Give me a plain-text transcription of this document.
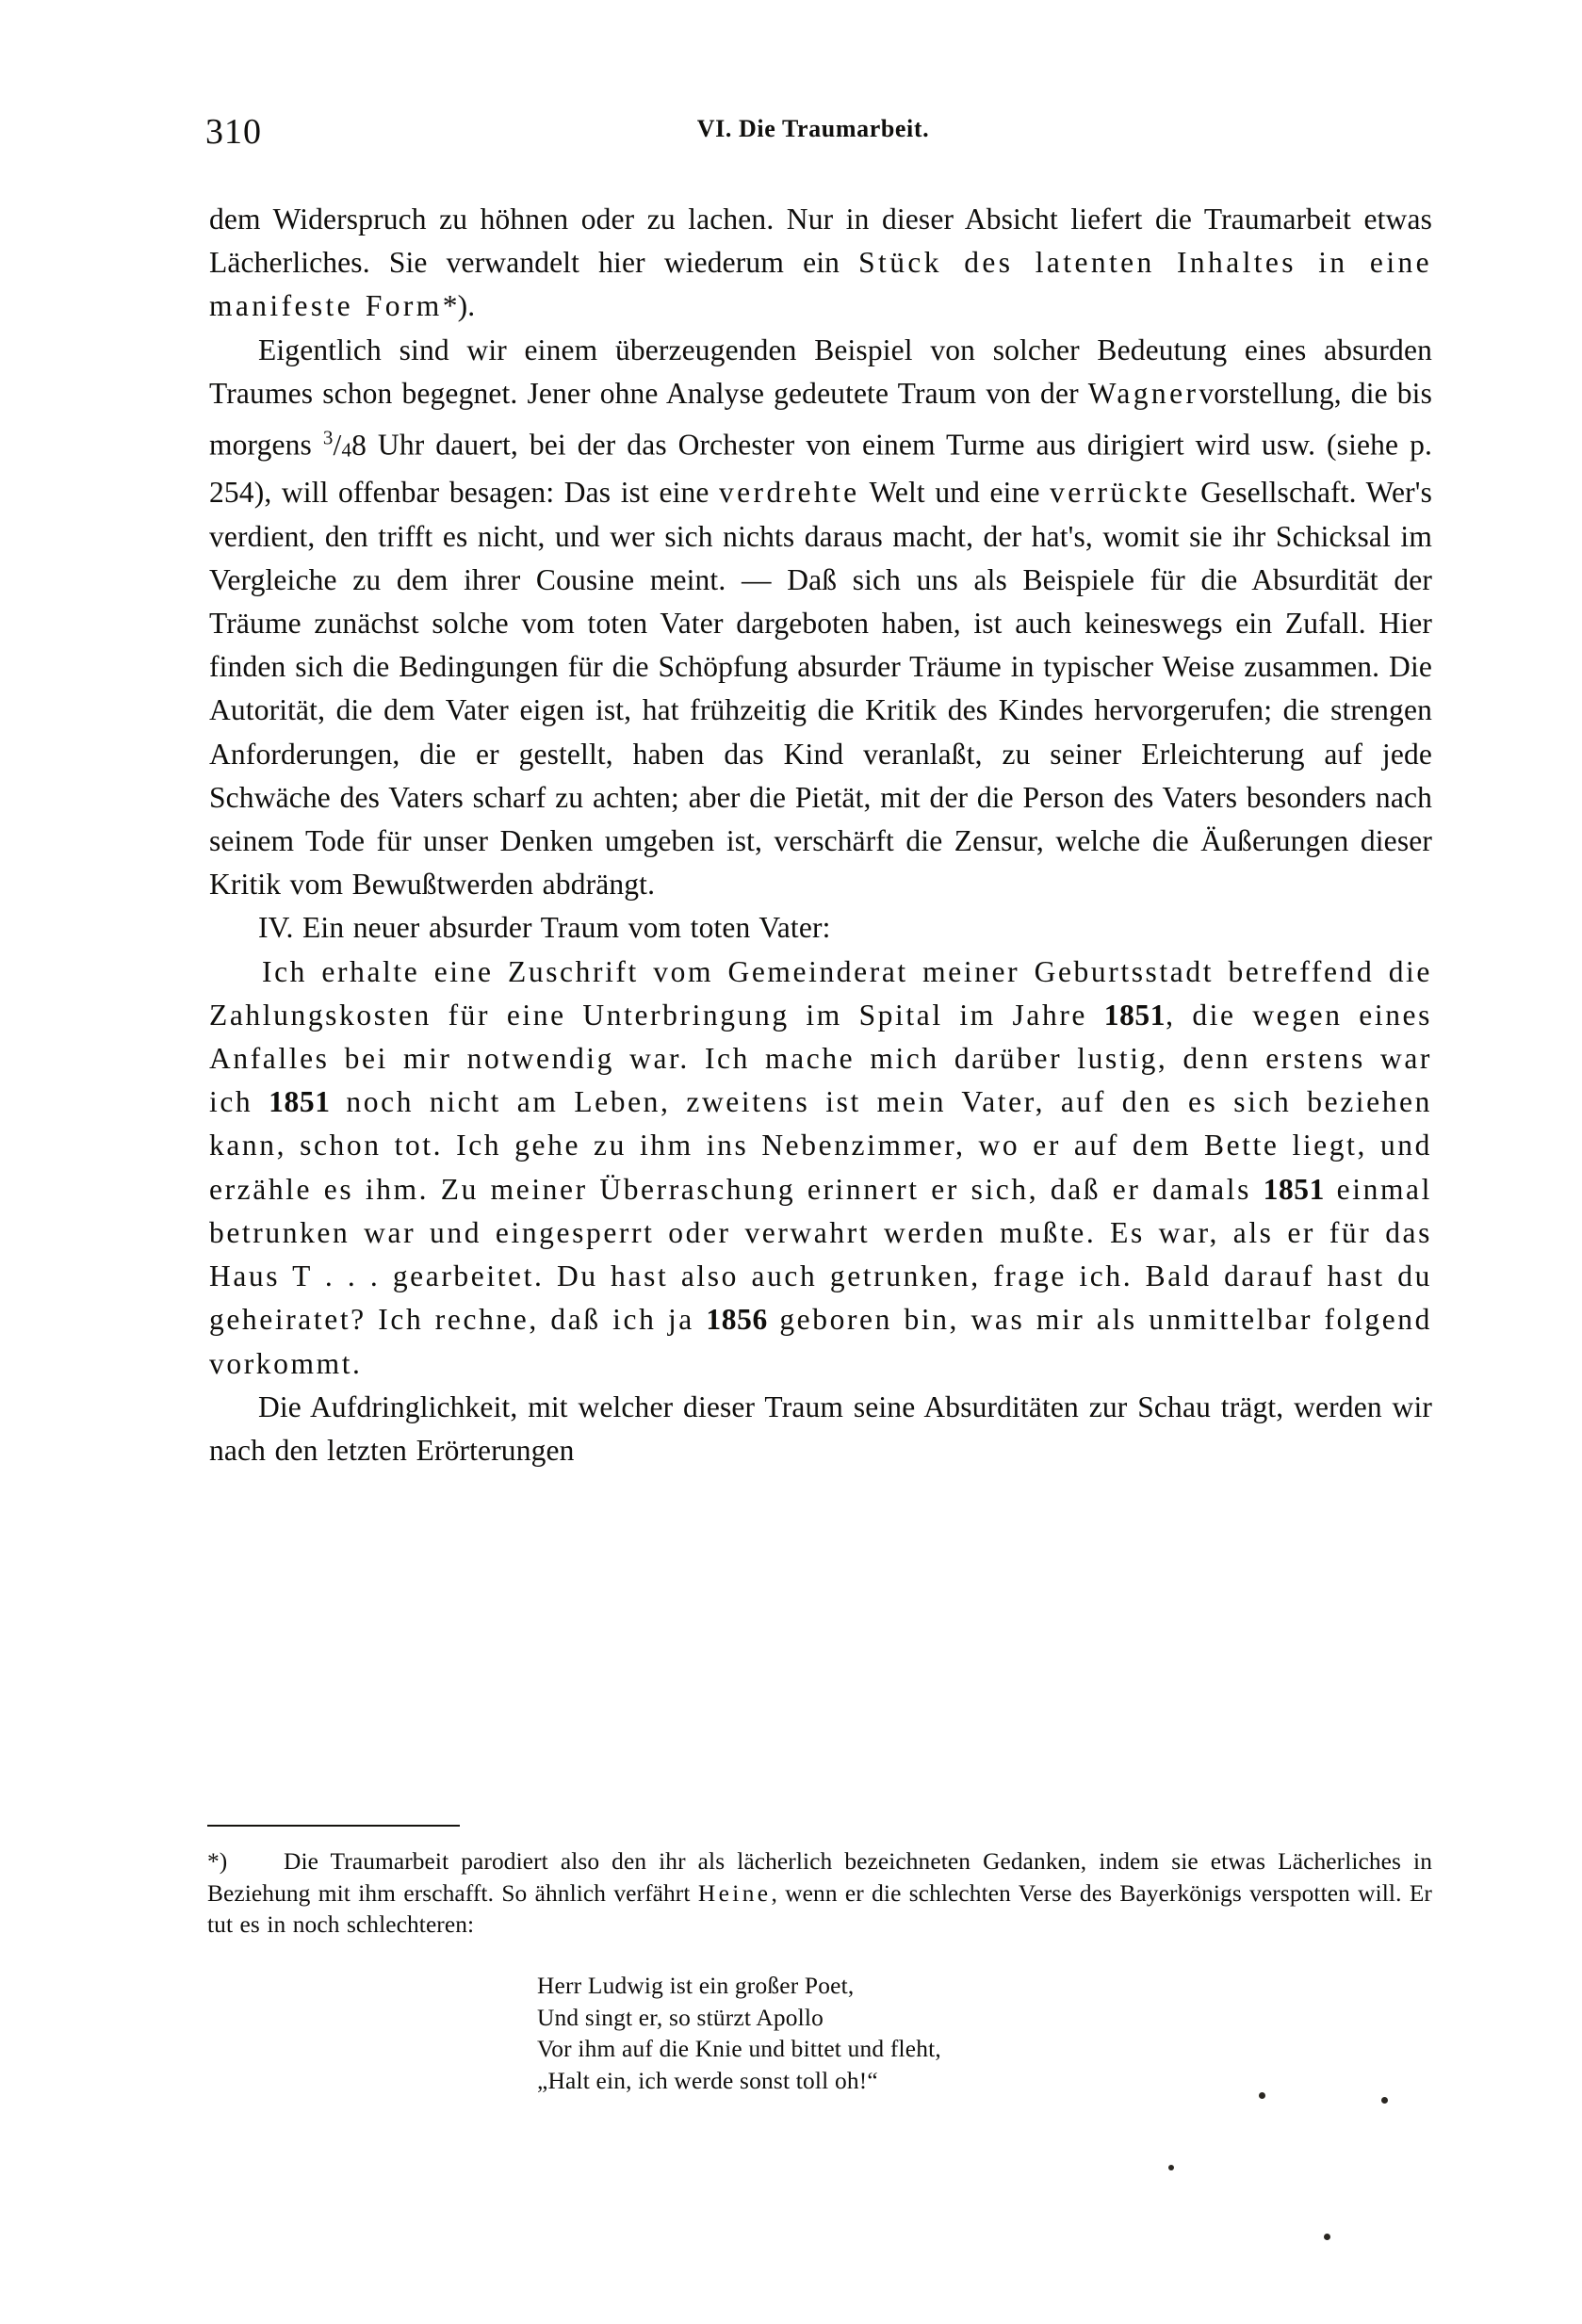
310	VI. Die Traumarbeit.

dem Widerspruch zu höhnen oder zu lachen. Nur in dieser Absicht liefert die Traumarbeit etwas Lächerliches. Sie verwandelt hier wiederum ein Stück des latenten Inhaltes in eine manifeste Form*).

Eigentlich sind wir einem überzeugenden Beispiel von solcher Bedeutung eines absurden Traumes schon begegnet. Jener ohne Analyse gedeutete Traum von der Wagnervorstellung, die bis morgens $^3/_48$ Uhr dauert, bei der das Orchester von einem Turme aus dirigiert wird usw. (siehe p. 254), will offenbar besagen: Das ist eine verdrehte Welt und eine verrückte Gesellschaft. Wer's verdient, den trifft es nicht, und wer sich nichts daraus macht, der hat's, womit sie ihr Schicksal im Vergleiche zu dem ihrer Cousine meint. — Daß sich uns als Beispiele für die Absurdität der Träume zunächst solche vom toten Vater dargeboten haben, ist auch keineswegs ein Zufall. Hier finden sich die Bedingungen für die Schöpfung absurder Träume in typischer Weise zusammen. Die Autorität, die dem Vater eigen ist, hat frühzeitig die Kritik des Kindes hervorgerufen; die strengen Anforderungen, die er gestellt, haben das Kind veranlaßt, zu seiner Erleichterung auf jede Schwäche des Vaters scharf zu achten; aber die Pietät, mit der die Person des Vaters besonders nach seinem Tode für unser Denken umgeben ist, verschärft die Zensur, welche die Äußerungen dieser Kritik vom Bewußtwerden abdrängt.

IV. Ein neuer absurder Traum vom toten Vater:

Ich erhalte eine Zuschrift vom Gemeinderat meiner Geburtsstadt betreffend die Zahlungskosten für eine Unterbringung im Spital im Jahre 1851, die wegen eines Anfalles bei mir notwendig war. Ich mache mich darüber lustig, denn erstens war ich 1851 noch nicht am Leben, zweitens ist mein Vater, auf den es sich beziehen kann, schon tot. Ich gehe zu ihm ins Nebenzimmer, wo er auf dem Bette liegt, und erzähle es ihm. Zu meiner Überraschung erinnert er sich, daß er damals 1851 einmal betrunken war und eingesperrt oder verwahrt werden mußte. Es war, als er für das Haus T . . . gearbeitet. Du hast also auch getrunken, frage ich. Bald darauf hast du geheiratet? Ich rechne, daß ich ja 1856 geboren bin, was mir als unmittelbar folgend vorkommt.

Die Aufdringlichkeit, mit welcher dieser Traum seine Absurditäten zur Schau trägt, werden wir nach den letzten Erörterungen

*) Die Traumarbeit parodiert also den ihr als lächerlich bezeichneten Gedanken, indem sie etwas Lächerliches in Beziehung mit ihm erschafft. So ähnlich verfährt Heine, wenn er die schlechten Verse des Bayerkönigs verspotten will. Er tut es in noch schlechteren:
Herr Ludwig ist ein großer Poet,
Und singt er, so stürzt Apollo
Vor ihm auf die Knie und bittet und fleht,
„Halt ein, ich werde sonst toll oh!“
